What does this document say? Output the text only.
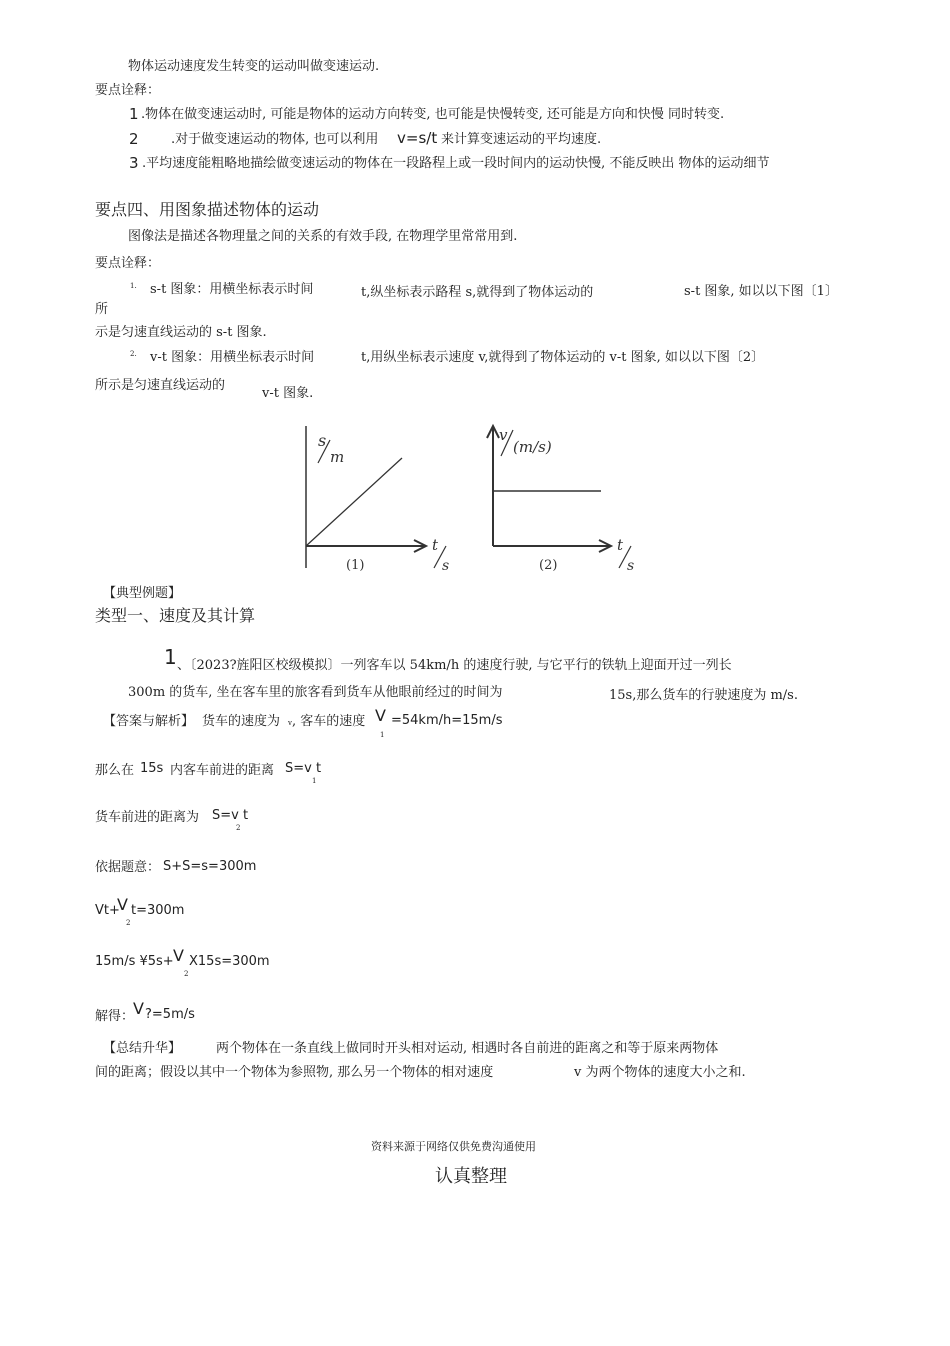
物体运动速度发生转变的运动叫做变速运动.
要点诠释：
1 .物体在做变速运动时, 可能是物体的运动方向转变, 也可能是快慢转变, 还可能是方向和快慢 同时转变.
2 .对于做变速运动的物体, 也可以利用 v=s/t 来计算变速运动的平均速度.
3 .平均速度能粗略地描绘做变速运动的物体在一段路程上或一段时间内的运动快慢, 不能反映出 物体的运动细节
要点四、用图象描述物体的运动
图像法是描述各物理量之间的关系的有效手段, 在物理学里常常用到.
要点诠释：
1. s-t 图象：用横坐标表示时间	t,纵坐标表示路程 s,就得到了物体运动的	s-t 图象, 如以以下图〔1〕
所
示是匀速直线运动的 s-t 图象.
2. v-t 图象：用横坐标表示时间	t,用纵坐标表示速度 v,就得到了物体运动的 v-t 图象, 如以以下图〔2〕
所示是匀速直线运动的
v-t 图象.
s
m
t
s
(1)
v
(m/s)
t
s
(2)
【典型例题】
类型一、速度及其计算
1 、〔2023?旌阳区校级模拟〕一列客车以 54km/h 的速度行驶, 与它平行的铁轨上迎面开过一列长
300m 的货车, 坐在客车里的旅客看到货车从他眼前经过的时间为	15s,那么货车的行驶速度为 m/s.
【答案与解析】 货车的速度为 v , 客车的速度 V
1
=54km/h=15m/s
那么在 15s 内客车前进的距离 S=v t
1
货车前进的距离为 S=v t
2
依据题意： S+S=s=300m
Vt+
V t=300m
2
15m/s ¥5s+ V X15s=300m
2
解得：
V ?=5m/s
【总结升华】	两个物体在一条直线上做同时开头相对运动, 相遇时各自前进的距离之和等于原来两物体
间的距离；假设以其中一个物体为参照物, 那么另一个物体的相对速度	v 为两个物体的速度大小之和.
资料来源于网络仅供免费沟通使用
认真整理
